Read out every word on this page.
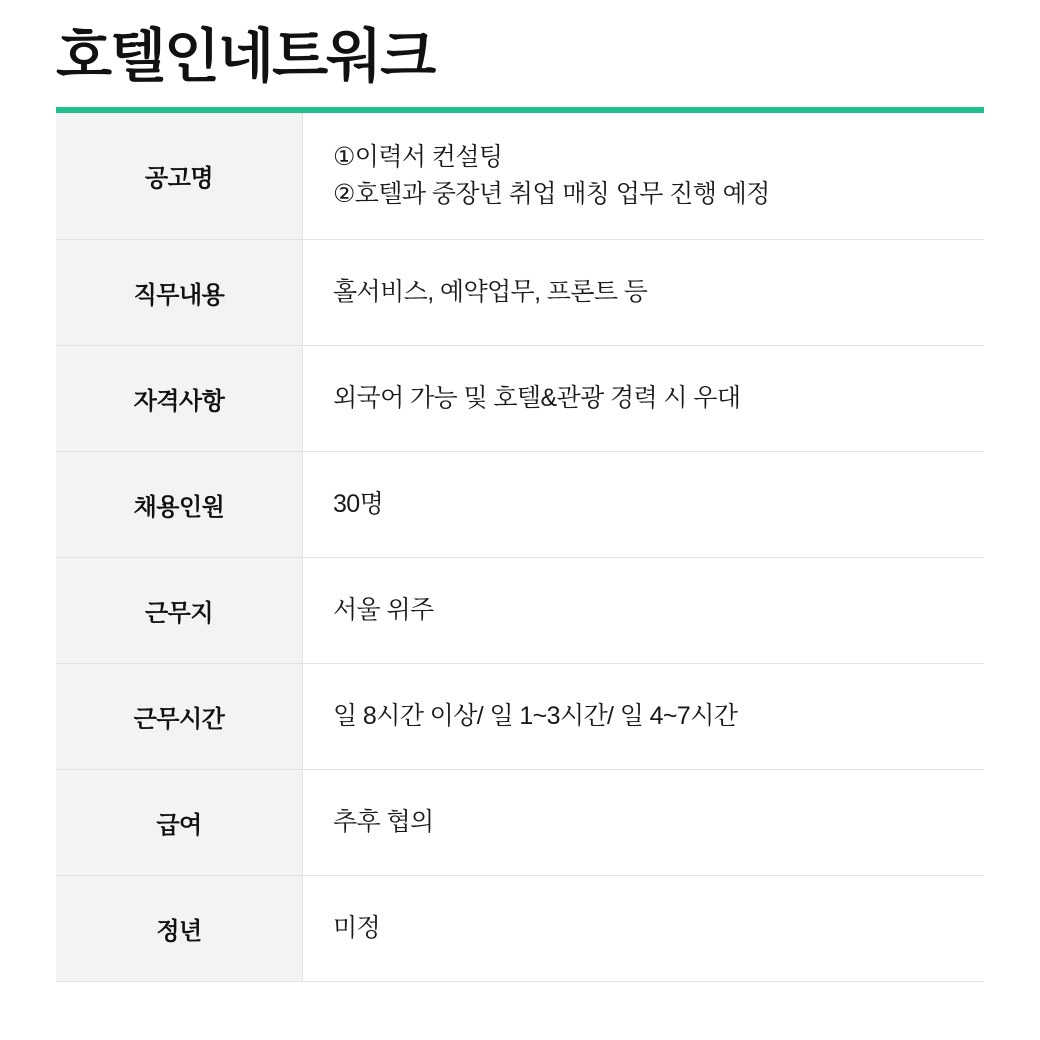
호텔인네트워크
공고명	①이력서 컨설팅
②호텔과 중장년 취업 매칭 업무 진행 예정

직무내용	홀서비스, 예약업무, 프론트 등

자격사항	외국어 가능 및 호텔&관광 경력 시 우대

채용인원	30명

근무지	서울 위주

근무시간	일 8시간 이상/ 일 1~3시간/ 일 4~7시간

급여	추후 협의

정년	미정
